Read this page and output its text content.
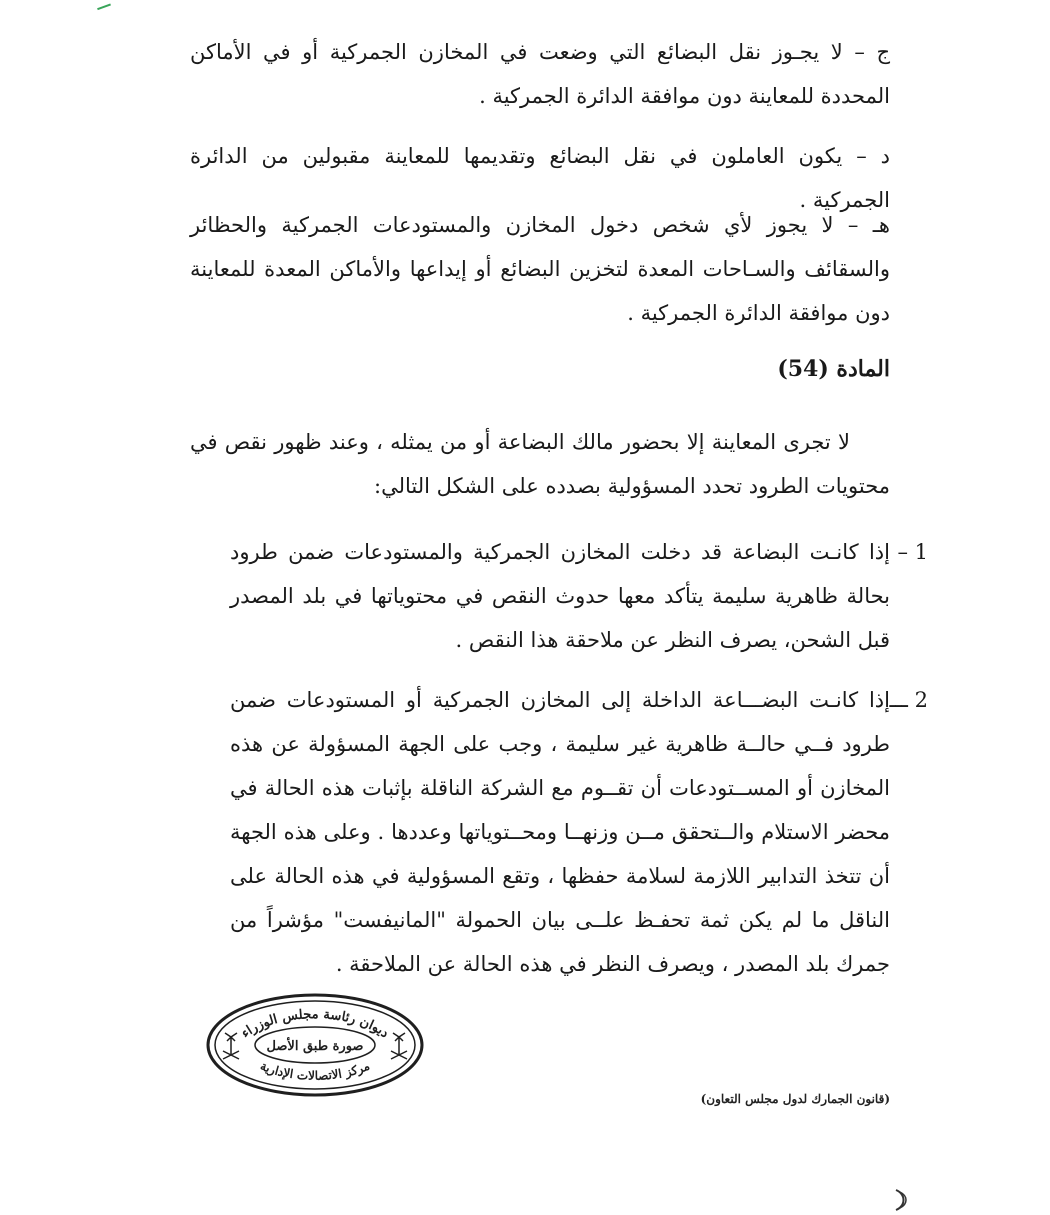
ج – لا يجـوز نقل البضائع التي وضعت في المخازن الجمركية أو في الأماكن المحددة للمعاينة دون موافقة الدائرة الجمركية .

د – يكون العاملون في نقل البضائع وتقديمها للمعاينة مقبولين من الدائرة الجمركية .

هـ – لا يجوز لأي شخص دخول المخازن والمستودعات الجمركية والحظائر والسقائف والسـاحات المعدة لتخزين البضائع أو إيداعها والأماكن المعدة للمعاينة دون موافقة الدائرة الجمركية .

المادة (54)

لا تجرى المعاينة إلا بحضور مالك البضاعة أو من يمثله ، وعند ظهور نقص في محتويات الطرود تحدد المسؤولية بصدده على الشكل التالي:

1 –

إذا كانـت البضاعة قد دخلت المخازن الجمركية والمستودعات ضمن طرود بحالة ظاهرية سليمة يتأكد معها حدوث النقص في محتوياتها في بلد المصدر قبل الشحن، يصرف النظر عن ملاحقة هذا النقص .

2 ـــ

إذا كانـت البضـــاعة الداخلة إلى المخازن الجمركية أو المستودعات ضمن طرود فــي حالــة ظاهرية غير سليمة ، وجب على الجهة المسؤولة عن هذه المخازن أو المســتودعات أن تقــوم مع الشركة الناقلة بإثبات هذه الحالة في محضر الاستلام والــتحقق مــن وزنهــا ومحــتوياتها وعددها . وعلى هذه الجهة أن تتخذ التدابير اللازمة لسلامة حفظها ، وتقع المسؤولية في هذه الحالة على الناقل ما لم يكن ثمة تحفـظ علــى بيان الحمولة "المانيفست" مؤشراً من جمرك بلد المصدر ، ويصرف النظر في هذه الحالة عن الملاحقة .

ديوان رئاسة مجلس الوزراء
صورة طبق الأصل
مركز الاتصالات الإدارية
(قانون الجمارك لدول مجلس التعاون)
